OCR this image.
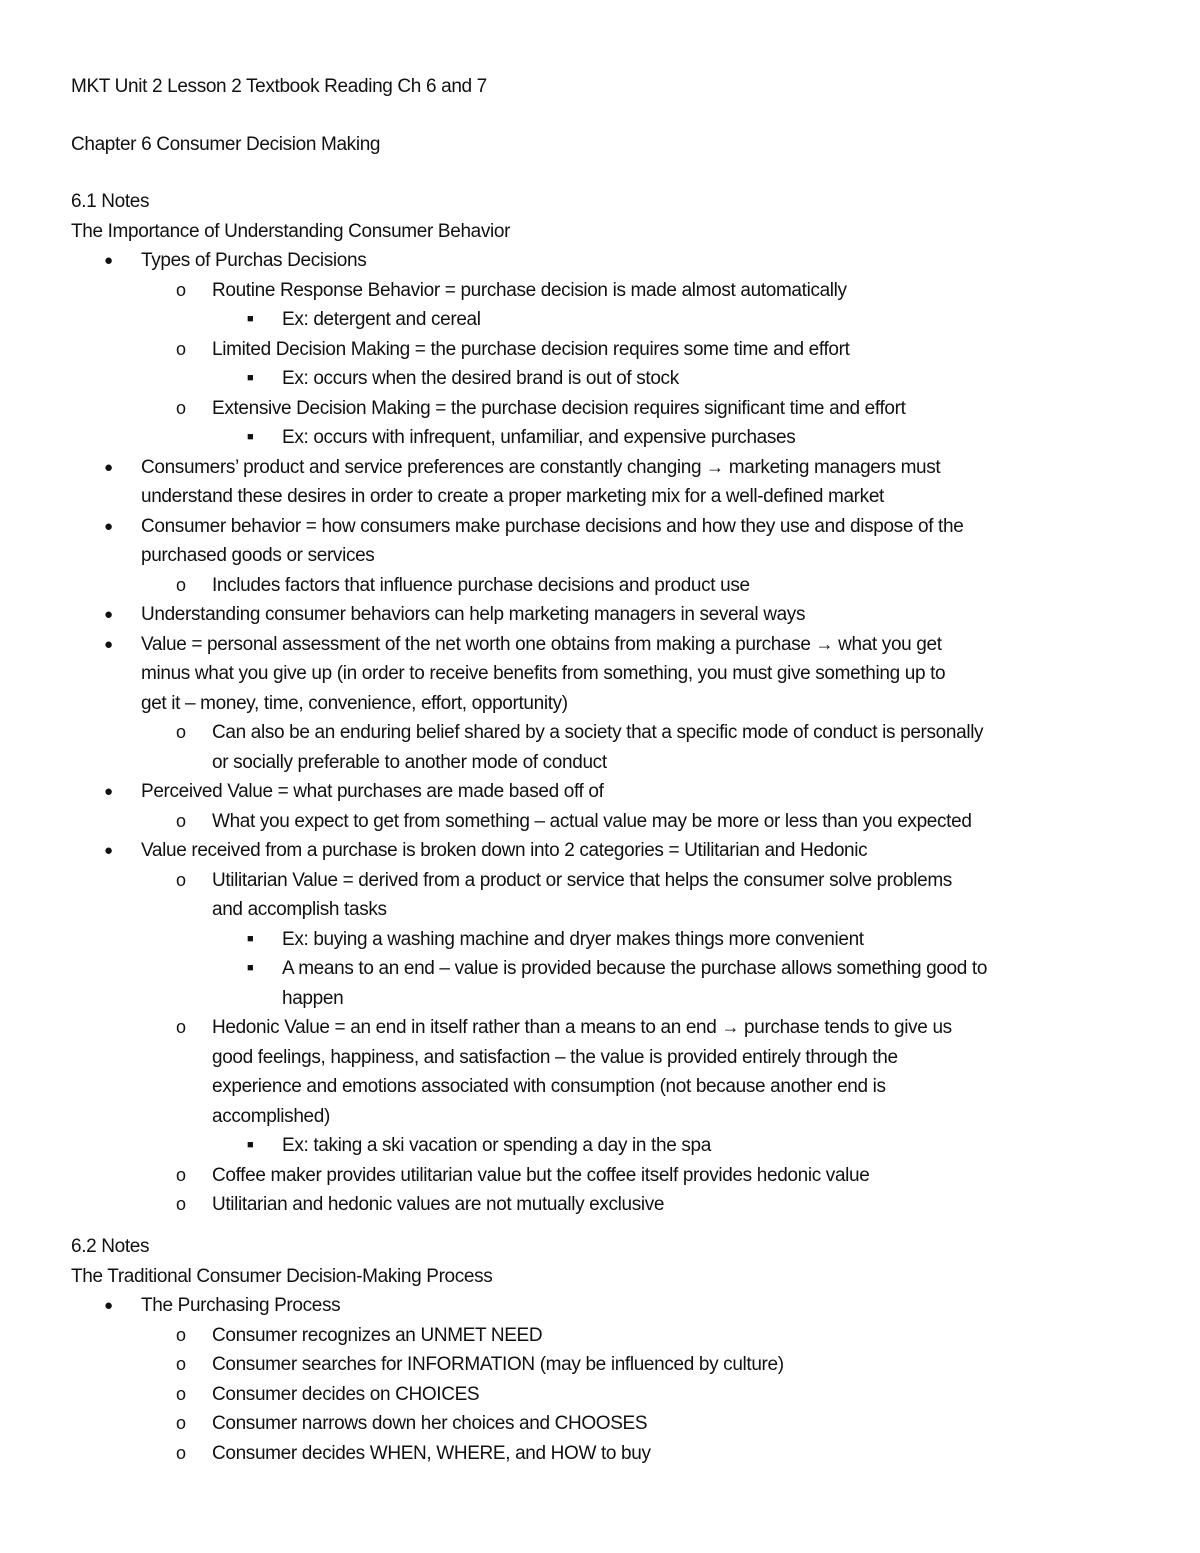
MKT Unit 2 Lesson 2 Textbook Reading Ch 6 and 7
Chapter 6 Consumer Decision Making
6.1 Notes
The Importance of Understanding Consumer Behavior
● Types of Purchas Decisions
o Routine Response Behavior = purchase decision is made almost automatically
■ Ex: detergent and cereal
o Limited Decision Making = the purchase decision requires some time and effort
■ Ex: occurs when the desired brand is out of stock
o Extensive Decision Making = the purchase decision requires significant time and effort
■ Ex: occurs with infrequent, unfamiliar, and expensive purchases
● Consumers’ product and service preferences are constantly changing → marketing managers must
understand these desires in order to create a proper marketing mix for a well-defined market
● Consumer behavior = how consumers make purchase decisions and how they use and dispose of the
purchased goods or services
o Includes factors that influence purchase decisions and product use
● Understanding consumer behaviors can help marketing managers in several ways
● Value = personal assessment of the net worth one obtains from making a purchase → what you get
minus what you give up (in order to receive benefits from something, you must give something up to
get it – money, time, convenience, effort, opportunity)
o Can also be an enduring belief shared by a society that a specific mode of conduct is personally
or socially preferable to another mode of conduct
● Perceived Value = what purchases are made based off of
o What you expect to get from something – actual value may be more or less than you expected
● Value received from a purchase is broken down into 2 categories = Utilitarian and Hedonic
o Utilitarian Value = derived from a product or service that helps the consumer solve problems
and accomplish tasks
■ Ex: buying a washing machine and dryer makes things more convenient
■ A means to an end – value is provided because the purchase allows something good to
happen
o Hedonic Value = an end in itself rather than a means to an end → purchase tends to give us
good feelings, happiness, and satisfaction – the value is provided entirely through the
experience and emotions associated with consumption (not because another end is
accomplished)
■ Ex: taking a ski vacation or spending a day in the spa
o Coffee maker provides utilitarian value but the coffee itself provides hedonic value
o Utilitarian and hedonic values are not mutually exclusive
6.2 Notes
The Traditional Consumer Decision-Making Process
● The Purchasing Process
o Consumer recognizes an UNMET NEED
o Consumer searches for INFORMATION (may be influenced by culture)
o Consumer decides on CHOICES
o Consumer narrows down her choices and CHOOSES
o Consumer decides WHEN, WHERE, and HOW to buy
